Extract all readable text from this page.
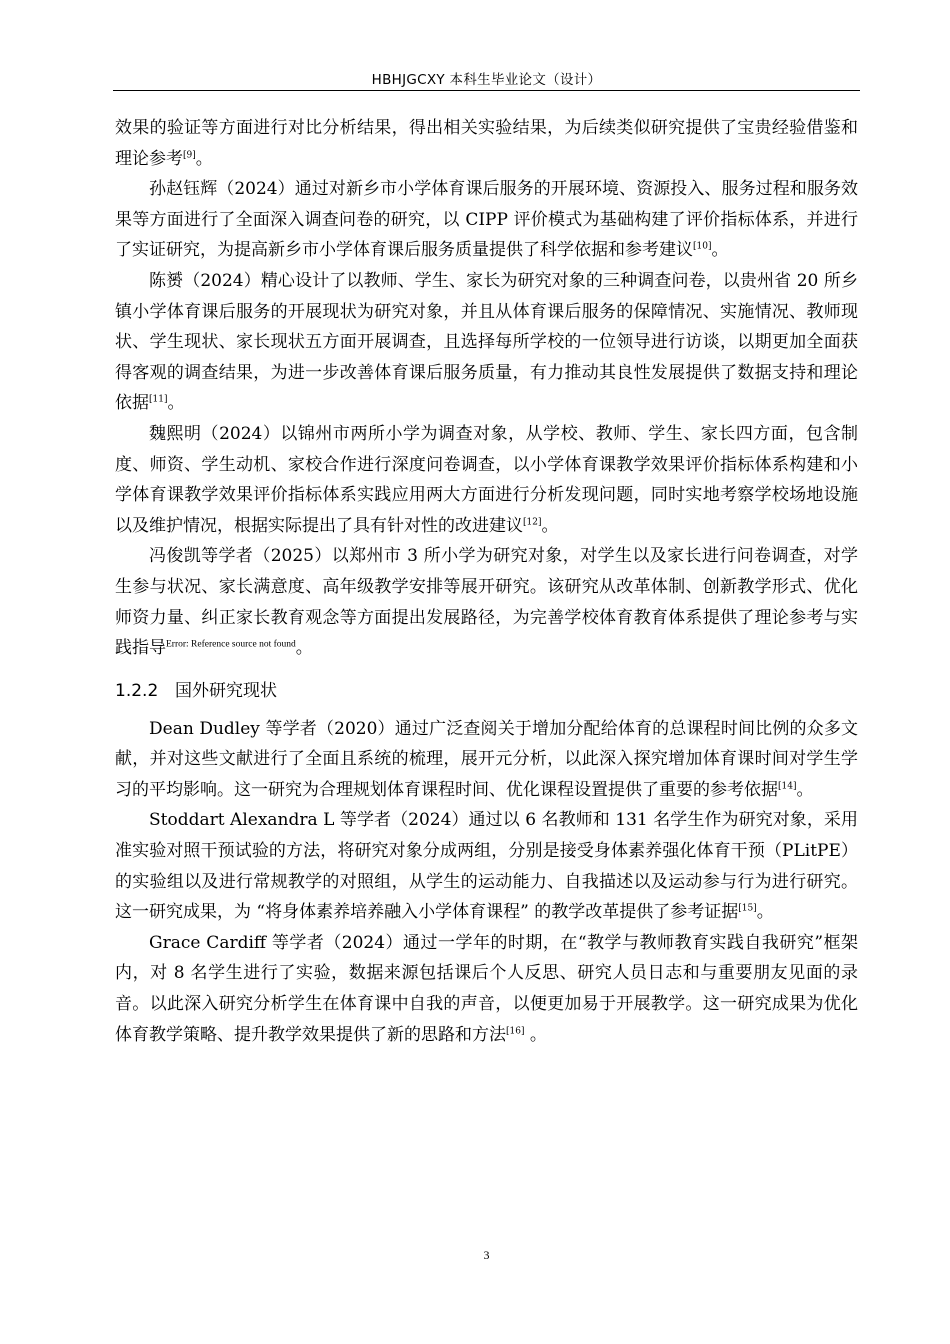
HBHJGCXY 本科生毕业论文（设计）

效果的验证等方面进行对比分析结果，得出相关实验结果，为后续类似研究提供了宝贵经验借鉴和理论参考[9]。

孙赵钰辉（2024）通过对新乡市小学体育课后服务的开展环境、资源投入、服务过程和服务效果等方面进行了全面深入调查问卷的研究，以 CIPP 评价模式为基础构建了评价指标体系，并进行了实证研究，为提高新乡市小学体育课后服务质量提供了科学依据和参考建议[10]。

陈赟（2024）精心设计了以教师、学生、家长为研究对象的三种调查问卷，以贵州省 20 所乡镇小学体育课后服务的开展现状为研究对象，并且从体育课后服务的保障情况、实施情况、教师现状、学生现状、家长现状五方面开展调查，且选择每所学校的一位领导进行访谈，以期更加全面获得客观的调查结果，为进一步改善体育课后服务质量，有力推动其良性发展提供了数据支持和理论依据[11]。

魏熙明（2024）以锦州市两所小学为调查对象，从学校、教师、学生、家长四方面，包含制度、师资、学生动机、家校合作进行深度问卷调查，以小学体育课教学效果评价指标体系构建和小学体育课教学效果评价指标体系实践应用两大方面进行分析发现问题，同时实地考察学校场地设施以及维护情况，根据实际提出了具有针对性的改进建议[12]。

冯俊凯等学者（2025）以郑州市 3 所小学为研究对象，对学生以及家长进行问卷调查，对学生参与状况、家长满意度、高年级教学安排等展开研究。该研究从改革体制、创新教学形式、优化师资力量、纠正家长教育观念等方面提出发展路径，为完善学校体育教育体系提供了理论参考与实践指导$^{Error: Reference source not found}$。

1.2.2 国外研究现状

Dean Dudley 等学者（2020）通过广泛查阅关于增加分配给体育的总课程时间比例的众多文献，并对这些文献进行了全面且系统的梳理，展开元分析，以此深入探究增加体育课时间对学生学习的平均影响。这一研究为合理规划体育课程时间、优化课程设置提供了重要的参考依据[14]。

Stoddart Alexandra L 等学者（2024）通过以 6 名教师和 131 名学生作为研究对象，采用准实验对照干预试验的方法，将研究对象分成两组，分别是接受身体素养强化体育干预（PLitPE）的实验组以及进行常规教学的对照组，从学生的运动能力、自我描述以及运动参与行为进行研究。这一研究成果，为 “将身体素养培养融入小学体育课程” 的教学改革提供了参考证据[15]。

Grace Cardiff 等学者（2024）通过一学年的时期，在“教学与教师教育实践自我研究”框架内，对 8 名学生进行了实验，数据来源包括课后个人反思、研究人员日志和与重要朋友见面的录音。以此深入研究分析学生在体育课中自我的声音，以便更加易于开展教学。这一研究成果为优化体育教学策略、提升教学效果提供了新的思路和方法[16] 。

3
